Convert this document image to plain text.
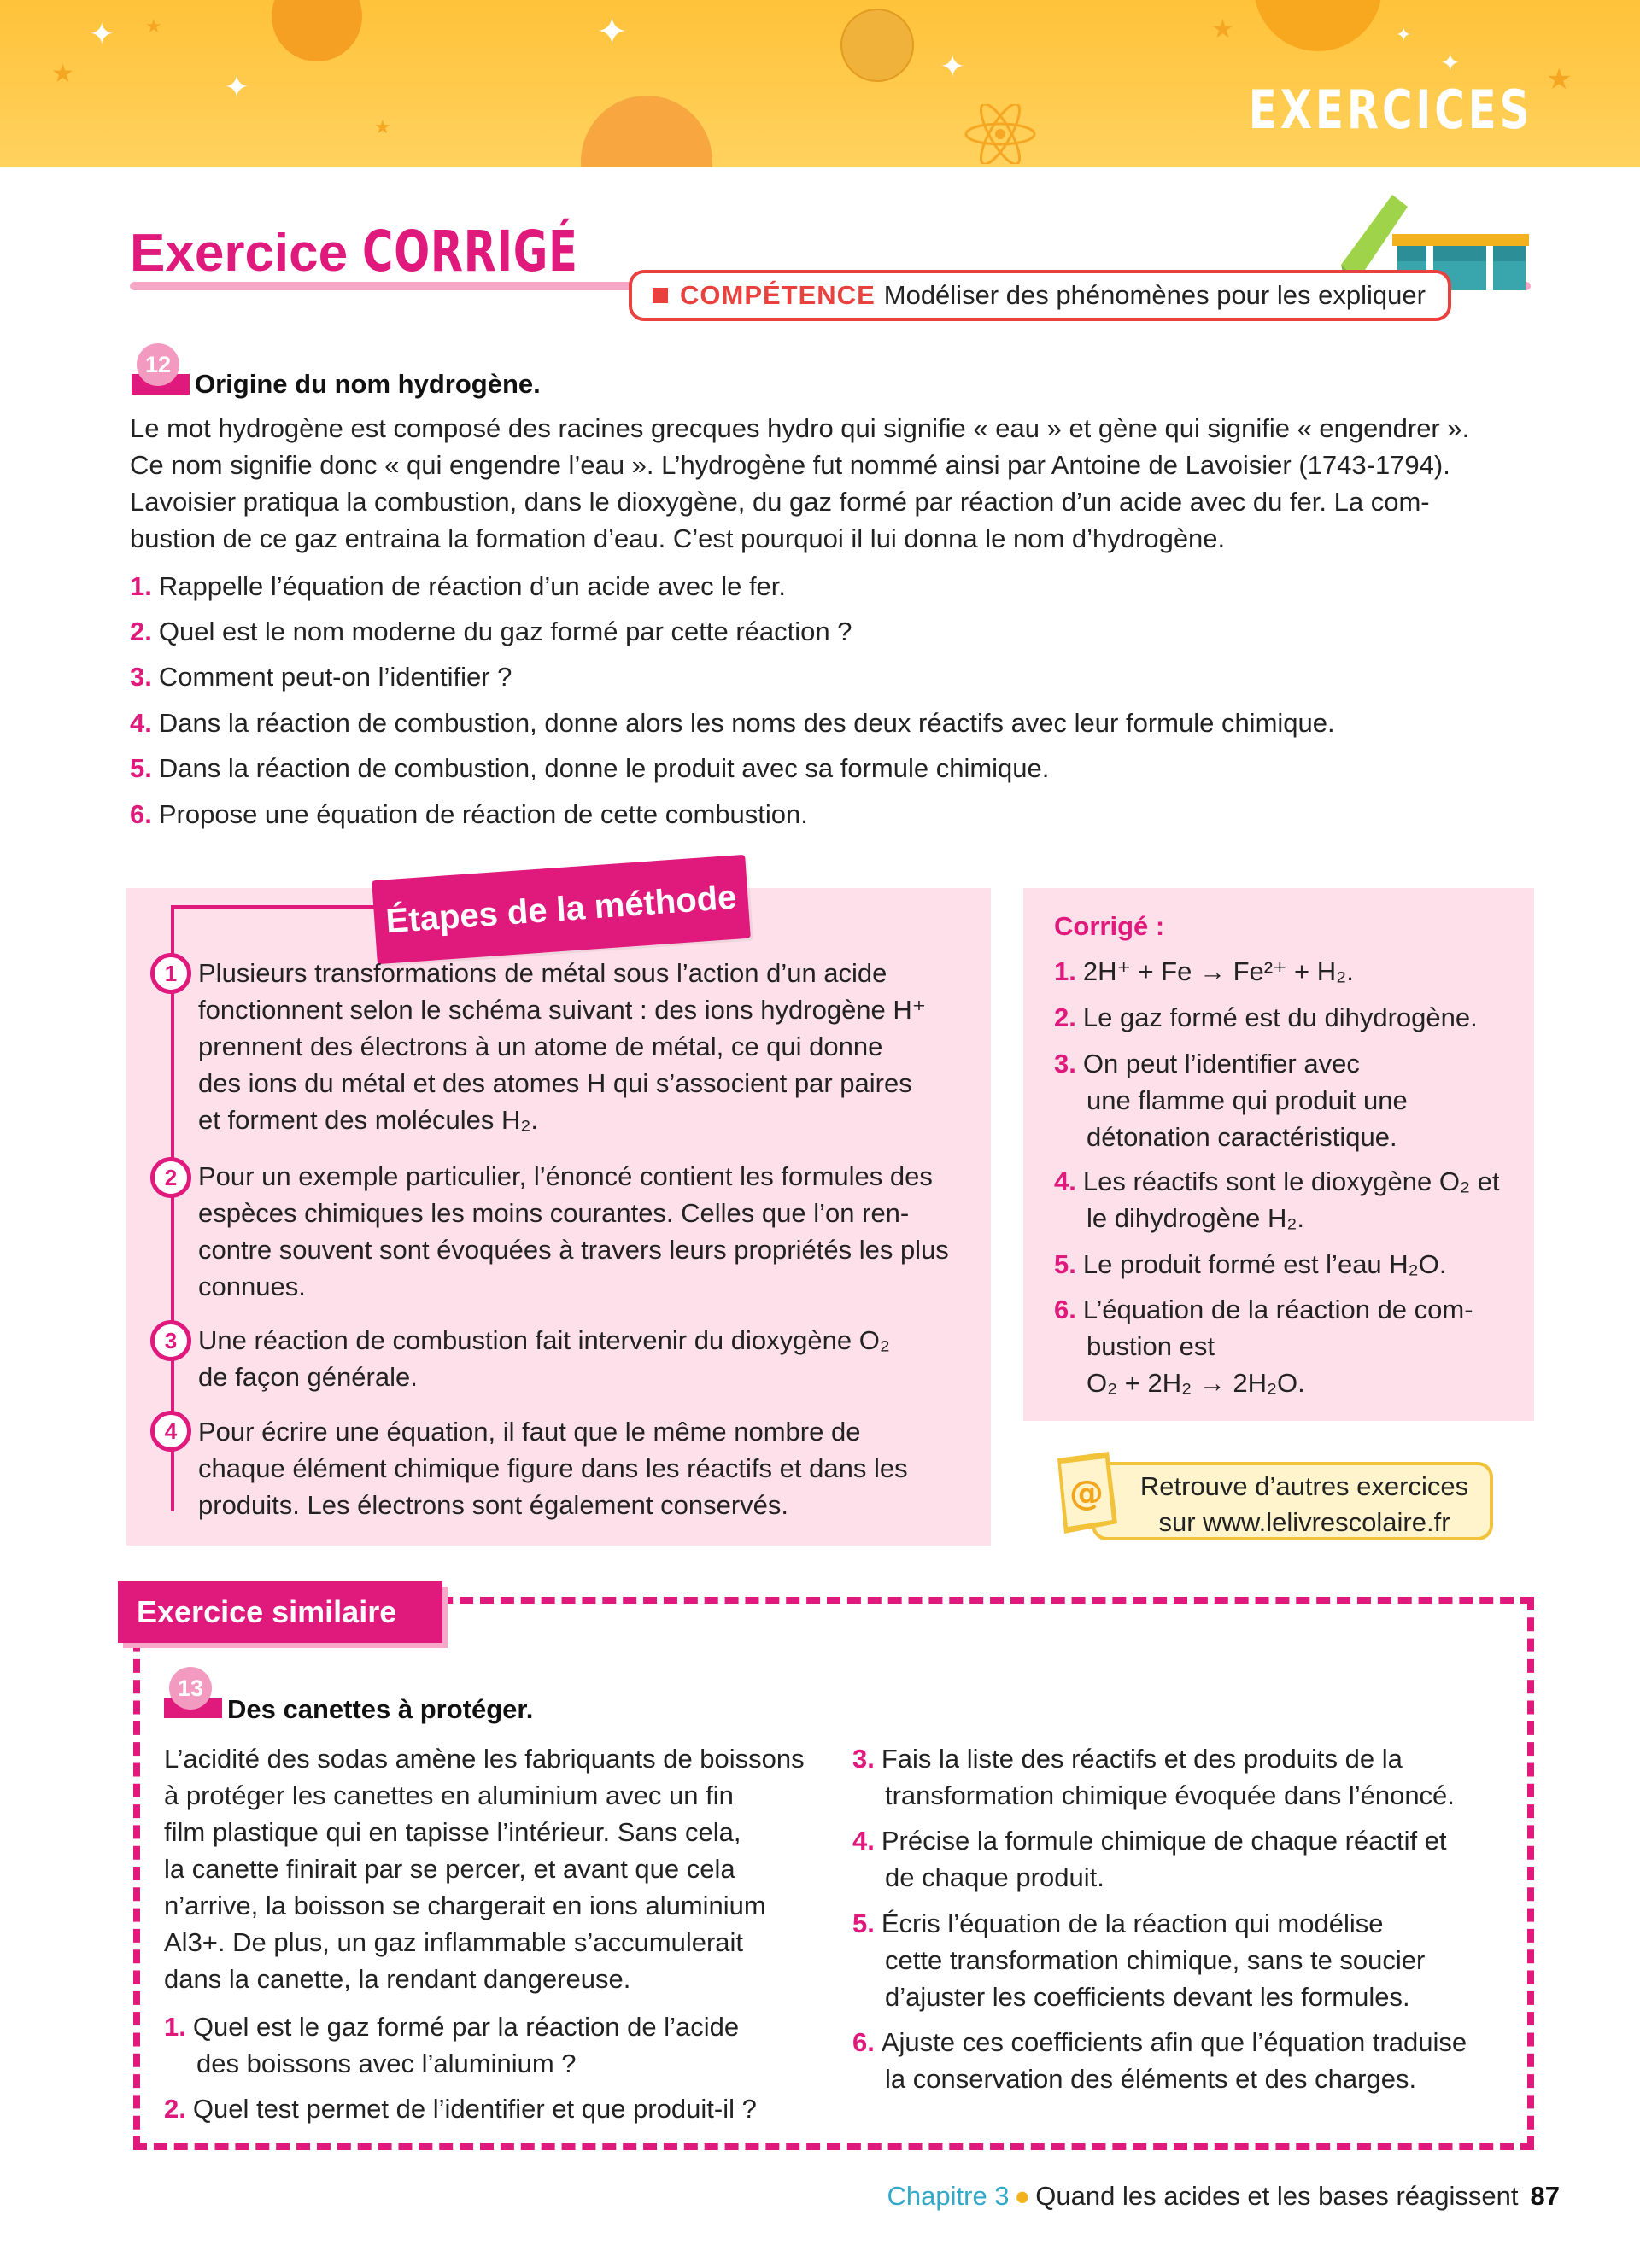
✦
✦
✦
✦
✦
✦
★
★
★
★
★
EXERCICES
Exercice CORRIGÉ
COMPÉTENCE Modéliser des phénomènes pour les expliquer
12
Origine du nom hydrogène.
Le mot hydrogène est composé des racines grecques hydro qui signifie « eau » et gène qui signifie « engendrer ».
Ce nom signifie donc « qui engendre l’eau ». L’hydrogène fut nommé ainsi par Antoine de Lavoisier (1743-1794).
Lavoisier pratiqua la combustion, dans le dioxygène, du gaz formé par réaction d’un acide avec du fer. La com-
bustion de ce gaz entraina la formation d’eau. C’est pourquoi il lui donna le nom d’hydrogène.
1. Rappelle l’équation de réaction d’un acide avec le fer.
2. Quel est le nom moderne du gaz formé par cette réaction ?
3. Comment peut-on l’identifier ?
4. Dans la réaction de combustion, donne alors les noms des deux réactifs avec leur formule chimique.
5. Dans la réaction de combustion, donne le produit avec sa formule chimique.
6. Propose une équation de réaction de cette combustion.
Étapes de la méthode
1 Plusieurs transformations de métal sous l’action d’un acide
fonctionnent selon le schéma suivant : des ions hydrogène H⁺
prennent des électrons à un atome de métal, ce qui donne
des ions du métal et des atomes H qui s’associent par paires
et forment des molécules H₂.
2 Pour un exemple particulier, l’énoncé contient les formules des
espèces chimiques les moins courantes. Celles que l’on ren-
contre souvent sont évoquées à travers leurs propriétés les plus
connues.
3 Une réaction de combustion fait intervenir du dioxygène O₂
de façon générale.
4 Pour écrire une équation, il faut que le même nombre de
chaque élément chimique figure dans les réactifs et dans les
produits. Les électrons sont également conservés.
Corrigé :
1. 2H⁺ + Fe → Fe²⁺ + H₂.
2. Le gaz formé est du dihydrogène.
3. On peut l’identifier avec
une flamme qui produit une
détonation caractéristique.
4. Les réactifs sont le dioxygène O₂ et
le dihydrogène H₂.
5. Le produit formé est l’eau H₂O.
6. L’équation de la réaction de com-
bustion est
O₂ + 2H₂ → 2H₂O.
Retrouve d’autres exercices
sur www.lelivrescolaire.fr
@
Exercice similaire
13
Des canettes à protéger.
L’acidité des sodas amène les fabriquants de boissons
à protéger les canettes en aluminium avec un fin
film plastique qui en tapisse l’intérieur. Sans cela,
la canette finirait par se percer, et avant que cela
n’arrive, la boisson se chargerait en ions aluminium
Al3+. De plus, un gaz inflammable s’accumulerait
dans la canette, la rendant dangereuse.
1. Quel est le gaz formé par la réaction de l’acide
des boissons avec l’aluminium ?
2. Quel test permet de l’identifier et que produit-il ?
3. Fais la liste des réactifs et des produits de la
transformation chimique évoquée dans l’énoncé.
4. Précise la formule chimique de chaque réactif et
de chaque produit.
5. Écris l’équation de la réaction qui modélise
cette transformation chimique, sans te soucier
d’ajuster les coefficients devant les formules.
6. Ajuste ces coefficients afin que l’équation traduise
la conservation des éléments et des charges.
Chapitre 3 ● Quand les acides et les bases réagissent 87
